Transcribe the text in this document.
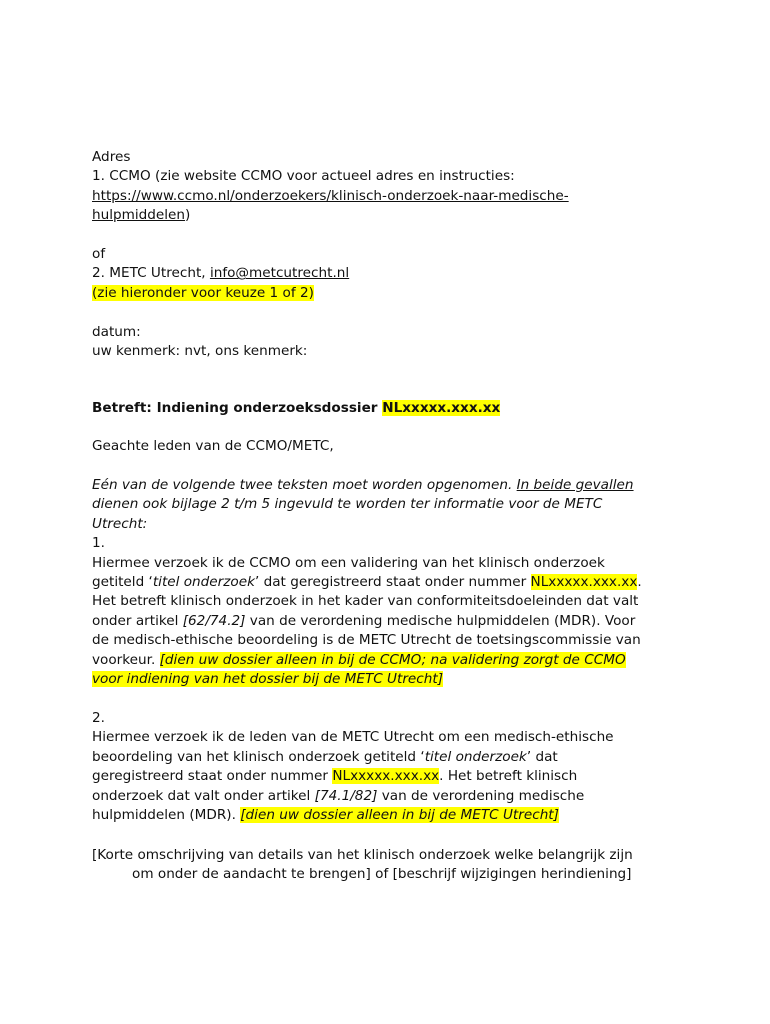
Adres
1. CCMO (zie website CCMO voor actueel adres en instructies:
https://www.ccmo.nl/onderzoekers/klinisch-onderzoek-naar-medische-
hulpmiddelen)
of
2. METC Utrecht, info@metcutrecht.nl
(zie hieronder voor keuze 1 of 2)
datum:
uw kenmerk: nvt, ons kenmerk:
Betreft: Indiening onderzoeksdossier NLxxxxx.xxx.xx
Geachte leden van de CCMO/METC,
Eén van de volgende twee teksten moet worden opgenomen. In beide gevallen
dienen ook bijlage 2 t/m 5 ingevuld te worden ter informatie voor de METC
Utrecht:
1.
Hiermee verzoek ik de CCMO om een validering van het klinisch onderzoek
getiteld ‘titel onderzoek’ dat geregistreerd staat onder nummer NLxxxxx.xxx.xx.
Het betreft klinisch onderzoek in het kader van conformiteitsdoeleinden dat valt
onder artikel [62/74.2] van de verordening medische hulpmiddelen (MDR). Voor
de medisch-ethische beoordeling is de METC Utrecht de toetsingscommissie van
voorkeur. [dien uw dossier alleen in bij de CCMO; na validering zorgt de CCMO
voor indiening van het dossier bij de METC Utrecht]
2.
Hiermee verzoek ik de leden van de METC Utrecht om een medisch-ethische
beoordeling van het klinisch onderzoek getiteld ‘titel onderzoek’ dat
geregistreerd staat onder nummer NLxxxxx.xxx.xx. Het betreft klinisch
onderzoek dat valt onder artikel [74.1/82] van de verordening medische
hulpmiddelen (MDR). [dien uw dossier alleen in bij de METC Utrecht]
[Korte omschrijving van details van het klinisch onderzoek welke belangrijk zijn
om onder de aandacht te brengen] of [beschrijf wijzigingen herindiening]
